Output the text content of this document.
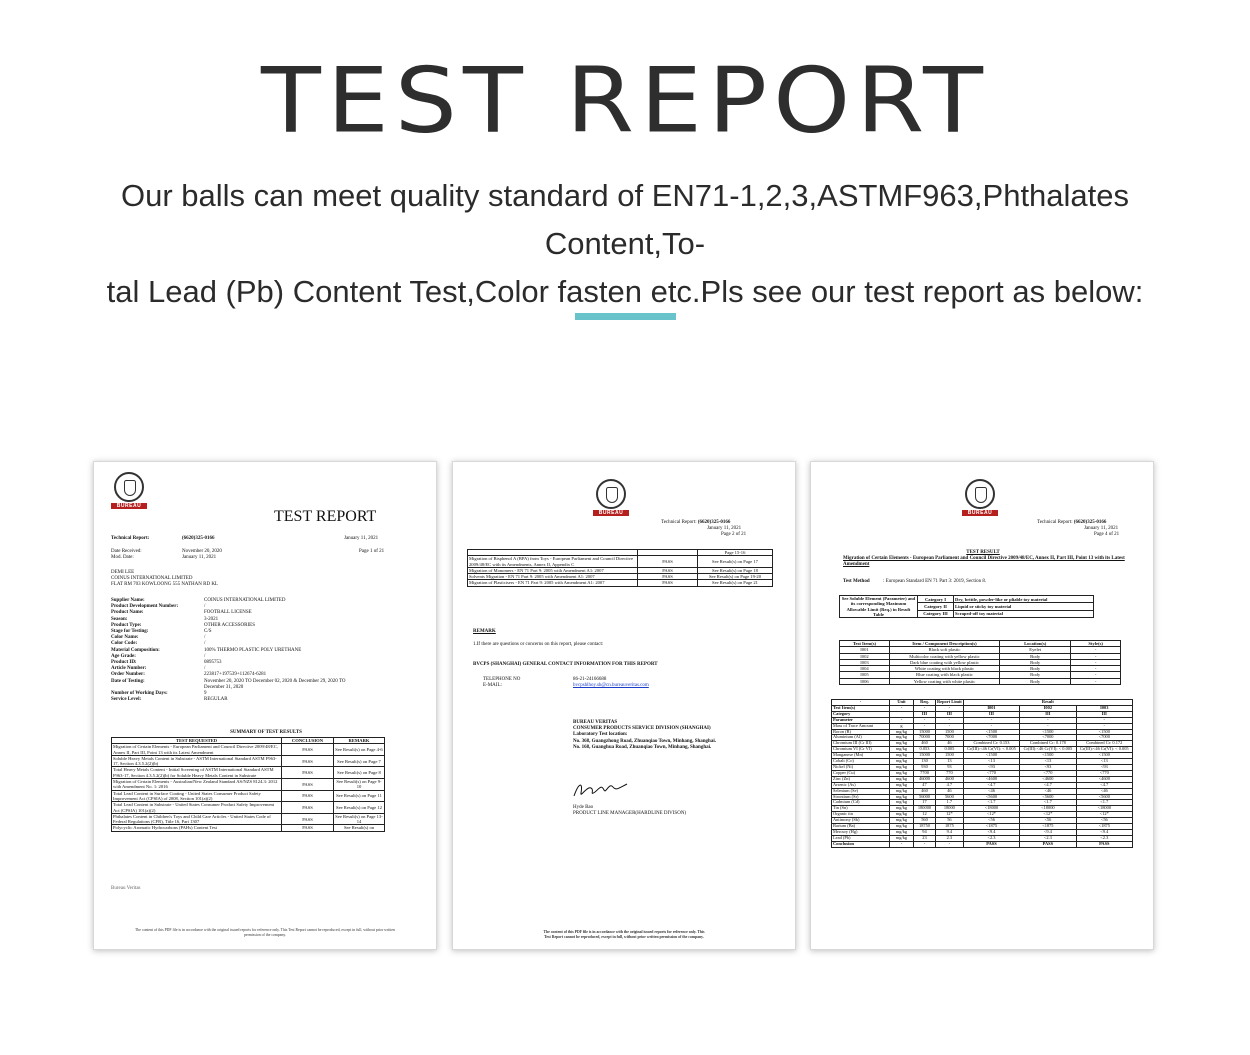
TEST REPORT
Our balls can meet quality standard of EN71-1,2,3,ASTMF963,Phthalates Content,To-
tal Lead (Pb) Content Test,Color fasten etc.Pls see our test report as below:
BUREAU VERITAS	TEST REPORT
Technical Report:	(6620)325-0166	January 11, 2021
Date Received:	November 20, 2020	Page 1 of 21
Mod. Date:	January 11, 2021
DEMI LEE
COINUS INTERNATIONAL LIMITED
FLAT RM 703 KOWLOONG 555 NATHAN RD KL
Supplier Name:	COINUS INTERNATIONAL LIMITED
Product Development Number:	/
Product Name:	FOOTBALL LICENSE
Season:	3-2021
Product Type:	OTHER ACCESSORIES
Stage for Testing:	C/S
Color Name:	/
Color Code:	/
Material Composition:	100% THERMO PLASTIC POLY URETHANE
Age Grade:	/
Product ID:	0895753
Article Number:	/
Order Number:	223817+197539+112674-6281
Date of Testing:	November 20, 2020 TO December 02, 2020 & December 29, 2020 TO
December 31, 2020
Number of Working Days:	9
Service Level:	REGULAR
SUMMARY OF TEST RESULTS
TEST REQUESTED	CONCLUSION	REMARK
Migration of Certain Elements - European Parliament and Council Directive 2009/48/EC, Annex II, Part III, Point 13 with its Latest Amendment	PASS	See Result(s) on Page 4-6
Soluble Heavy Metals Content in Substrate - ASTM International Standard ASTM F963-17, Section 4.3.5.2(2)(b)	PASS	See Result(s) on Page 7
Total Heavy Metals Content - Initial Screening of ASTM International Standard ASTM F963-17, Section 4.3.5.2(2)(b) for Soluble Heavy Metals Content in Substrate	PASS	See Result(s) on Page 8
Migration of Certain Elements - Australian/New Zealand Standard AS/NZS 8124.3: 2012 with Amendment No. 1: 2016	PASS	See Result(s) on Page 9-10
Total Lead Content in Surface Coating - United States Consumer Product Safety Improvement Act (CPSIA) of 2008, Section 101(a)(2)	PASS	See Result(s) on Page 11
Total Lead Content in Substrate - United States Consumer Product Safety Improvement Act (CPSIA) 101(a)(2)	PASS	See Result(s) on Page 12
Phthalates Content in Children's Toys and Child Care Articles - United States Code of Federal Regulations (CFR), Title 16, Part 1307	PASS	See Result(s) on Page 13-14
Polycyclic Aromatic Hydrocarbons (PAHs) Content Test	PASS	See Result(s) on
Bureau Veritas
The content of this PDF file is in accordance with the original issued reports for reference only. This Test Report cannot be reproduced, except in full, without prior written permission of the company.
BUREAU VERITAS
Technical Report: (6620)325-0166
January 11, 2021
Page 2 of 21
		Page 15-16
Migration of Bisphenol A (BPA) from Toys - European Parliament and Council Directive 2009/48/EC with its Amendments, Annex II, Appendix C	PASS	See Result(s) on Page 17
Migration of Monomers - EN 71 Part 9: 2005 with Amendment A1: 2007	PASS	See Result(s) on Page 18
Solvents Migration - EN 71 Part 9: 2005 with Amendment A1: 2007	PASS	See Result(s) on Page 19-20
Migration of Plasticisers - EN 71 Part 9: 2005 with Amendment A1: 2007	PASS	See Result(s) on Page 21
REMARK
1.If there are questions or concerns on this report, please contact:
BVCPS (SHANGHAI) GENERAL CONTACT INFORMATION FOR THIS REPORT
TELEPHONE NO	86-21-24166688
E-MAIL:	bvcpshlhoy.sh@cn.bureauveritas.com
BUREAU VERITAS
CONSUMER PRODUCTS SERVICE DIVISION (SHANGHAI)
Laboratory Test location:
No. 368, Guangzhong Road, Zhuanqiao Town, Minhang, Shanghai.
No. 168, Guanghua Road, Zhuanqiao Town, Minhang, Shanghai.
Hyde Bao
PRODUCT LINE MANAGER(HARDLINE DIVISON)
The content of this PDF file is in accordance with the original issued reports for reference only. This Test Report cannot be reproduced, except in full, without prior written permission of the company.
BUREAU VERITAS
Technical Report: (6620)325-0166
January 11, 2021
Page 4 of 21
TEST RESULT
Migration of Certain Elements - European Parliament and Council Directive 2009/48/EC, Annex II, Part III, Point 13 with its Latest Amendment
Test Method	: European Standard EN 71 Part 3: 2019, Section 8.
See Soluble Element (Parameter) and its corresponding Maximum Allowable Limit (Req.) in Result Table	Category I	Dry, brittle, powder-like or pliable toy material
	Category II	Liquid or sticky toy material
	Category III	Scraped-off toy material
Test Item(s)	Item / Component Description(s)	Location(s)	Style(s)
I001	Black soft plastic	Eyelet	-
I002	Multicolor coating with yellow plastic	Body	-
I003	Dark blue coating with yellow plastic	Body	-
I004	White coating with black plastic	Body	-
I005	Blue coating with black plastic	Body	-
I006	Yellow coating with white plastic	Body	-
-	Unit	Req.	Report Limit	Result		
Test Item(s)	-	-	-	I001	I002	I003
Category		III	III	III	III	III
Parameter	-	-	-	-	-	-
Mass of Trace Amount	g	-	-	-	-	-
Boron (B)	mg/kg	15000	1500	<1500	<1500	<1500
Aluminium (Al)	mg/kg	70000	7000	<7000	<7000	<7000
Chromium III (Cr III)	mg/kg	460	46	Combined Cr: 0.153	Combined Cr: 0.178	Combined Cr: 0.172
Chromium VI (Cr VI)	mg/kg	0.053	0.005	Cr(III):<46 Cr(VI): < 0.005	Cr(III):<46 Cr(VI): < 0.005	Cr(III):<46 Cr(VI): < 0.005
Manganese (Mn)	mg/kg	15000	1500	<1500	<1500	<1500
Cobalt (Co)	mg/kg	130	13	<13	<13	<13
Nickel (Ni)	mg/kg	930	93	<93	<93	<93
Copper (Cu)	mg/kg	7700	770	<770	<770	<770
Zinc (Zn)	mg/kg	46000	4600	<4600	<4600	<4600
Arsenic (As)	mg/kg	47	4.7	<4.7	<4.7	<4.7
Selenium (Se)	mg/kg	460	46	<46	<46	<46
Strontium (Sr)	mg/kg	56000	5600	<5600	<5600	<5600
Cadmium (Cd)	mg/kg	17	1.7	<1.7	<1.7	<1.7
Tin (Sn)	mg/kg	180000	18000	<18000	<18000	<18000
Organic tin	mg/kg	12	12*	<12*	<12*	<12*
Antimony (Sb)	mg/kg	560	56	<56	<56	<56
Barium (Ba)	mg/kg	18750	1875	<1875	<1875	<1875
Mercury (Hg)	mg/kg	94	9.4	<9.4	<9.4	<9.4
Lead (Pb)	mg/kg	23	2.3	<2.3	<2.3	<2.3
Conclusion	-	-	-	PASS	PASS	PASS
